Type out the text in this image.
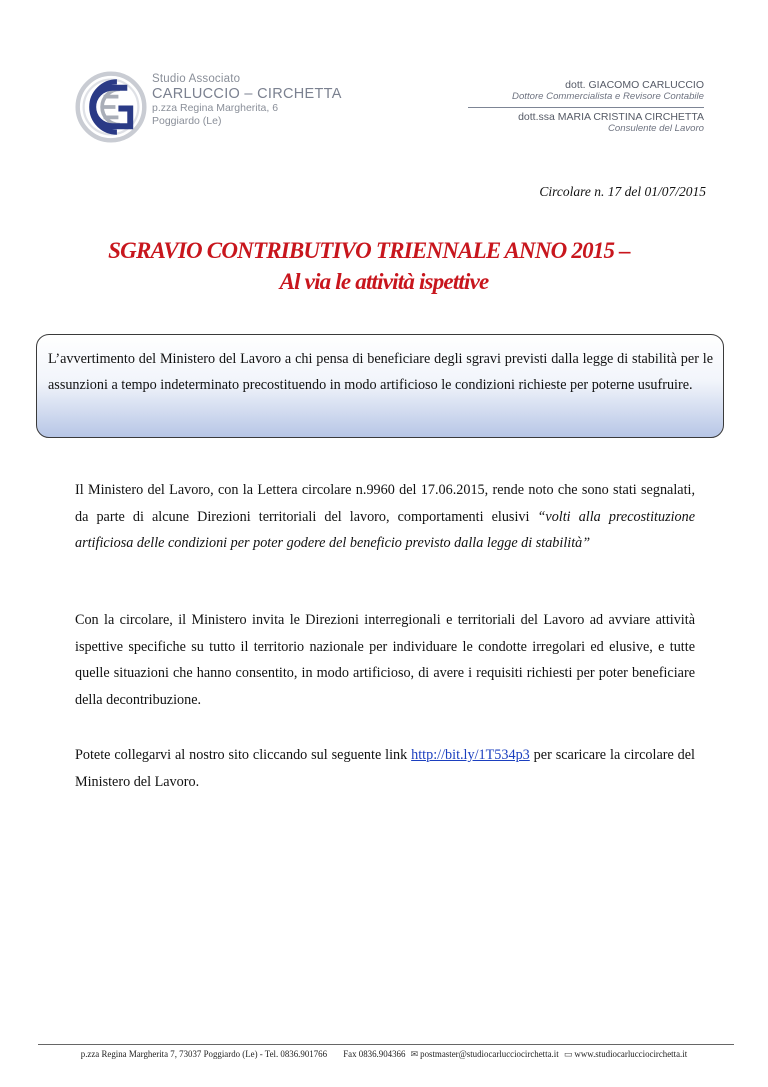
Studio Associato
CARLUCCIO – CIRCHETTA
p.zza Regina Margherita, 6
Poggiardo (Le)
dott. GIACOMO CARLUCCIO
Dottore Commercialista e Revisore Contabile
dott.ssa MARIA CRISTINA CIRCHETTA
Consulente del Lavoro
Circolare n. 17 del 01/07/2015
SGRAVIO CONTRIBUTIVO TRIENNALE ANNO 2015 –
Al via le attività ispettive
L’avvertimento del Ministero del Lavoro a chi pensa di beneficiare degli sgravi previsti dalla legge di stabilità per le assunzioni a tempo indeterminato precostituendo in modo artificioso le condizioni richieste per poterne usufruire.
Il Ministero del Lavoro, con la Lettera circolare n.9960 del 17.06.2015, rende noto che sono stati segnalati, da parte di alcune Direzioni territoriali del lavoro, comportamenti elusivi “volti alla precostituzione artificiosa delle condizioni per poter godere del beneficio previsto dalla legge di stabilità”
Con la circolare, il Ministero invita le Direzioni interregionali e territoriali del Lavoro ad avviare attività ispettive specifiche su tutto il territorio nazionale per individuare le condotte irregolari ed elusive, e tutte quelle situazioni che hanno consentito, in modo artificioso, di avere i requisiti richiesti per poter beneficiare della decontribuzione.
Potete collegarvi al nostro sito cliccando sul seguente link http://bit.ly/1T534p3 per scaricare la circolare del Ministero del Lavoro.
p.zza Regina Margherita 7, 73037 Poggiardo (Le) - Tel. 0836.901766 Fax 0836.904366 ✉ postmaster@studiocarlucciocirchetta.it ▭ www.studiocarlucciocirchetta.it
